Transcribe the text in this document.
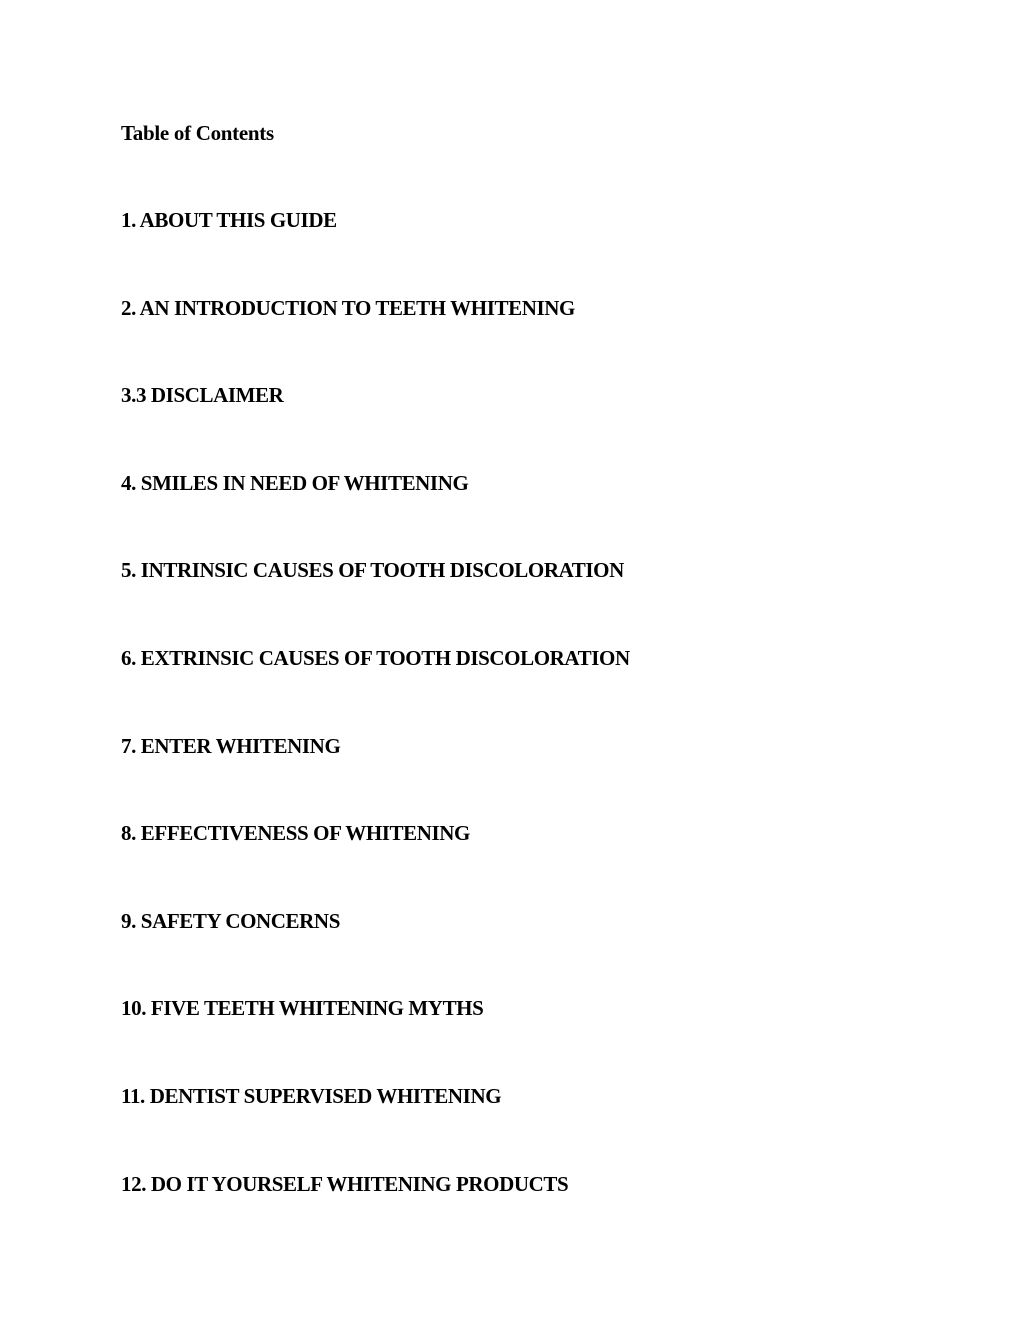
Table of Contents
1. ABOUT THIS GUIDE
2. AN INTRODUCTION TO TEETH WHITENING
3.3 DISCLAIMER
4. SMILES IN NEED OF WHITENING
5. INTRINSIC CAUSES OF TOOTH DISCOLORATION
6. EXTRINSIC CAUSES OF TOOTH DISCOLORATION
7. ENTER WHITENING
8. EFFECTIVENESS OF WHITENING
9. SAFETY CONCERNS
10. FIVE TEETH WHITENING MYTHS
11. DENTIST SUPERVISED WHITENING
12. DO IT YOURSELF WHITENING PRODUCTS
